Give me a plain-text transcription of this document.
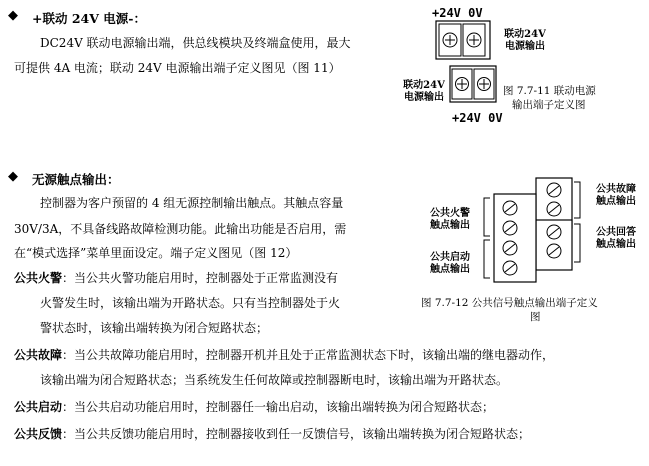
◆ +联动 24V 电源-：
DC24V 联动电源输出端，供总线模块及终端盒使用，最大
可提供 4A 电流；联动 24V 电源输出端子定义图见（图 11）
+24V 0V
联动24V
电源输出
联动24V
电源输出
+24V 0V
图 7.7-11 联动电源
输出端子定义图
◆ 无源触点输出：
控制器为客户预留的 4 组无源控制输出触点。其触点容量
30V/3A，不具备线路故障检测功能。此输出功能是否启用，需
在“模式选择”菜单里面设定。端子定义图见（图 12）
公共火警
触点输出
公共启动
触点输出
公共故障
触点输出
公共回答
触点输出
图 7.7-12 公共信号触点输出端子定义
图
公共火警：当公共火警功能启用时，控制器处于正常监测没有
火警发生时，该输出端为开路状态。只有当控制器处于火
警状态时，该输出端转换为闭合短路状态；
公共故障：当公共故障功能启用时，控制器开机并且处于正常监测状态下时，该输出端的继电器动作，
该输出端为闭合短路状态；当系统发生任何故障或控制器断电时，该输出端为开路状态。
公共启动：当公共启动功能启用时，控制器任一输出启动，该输出端转换为闭合短路状态；
公共反馈：当公共反馈功能启用时，控制器接收到任一反馈信号，该输出端转换为闭合短路状态；
